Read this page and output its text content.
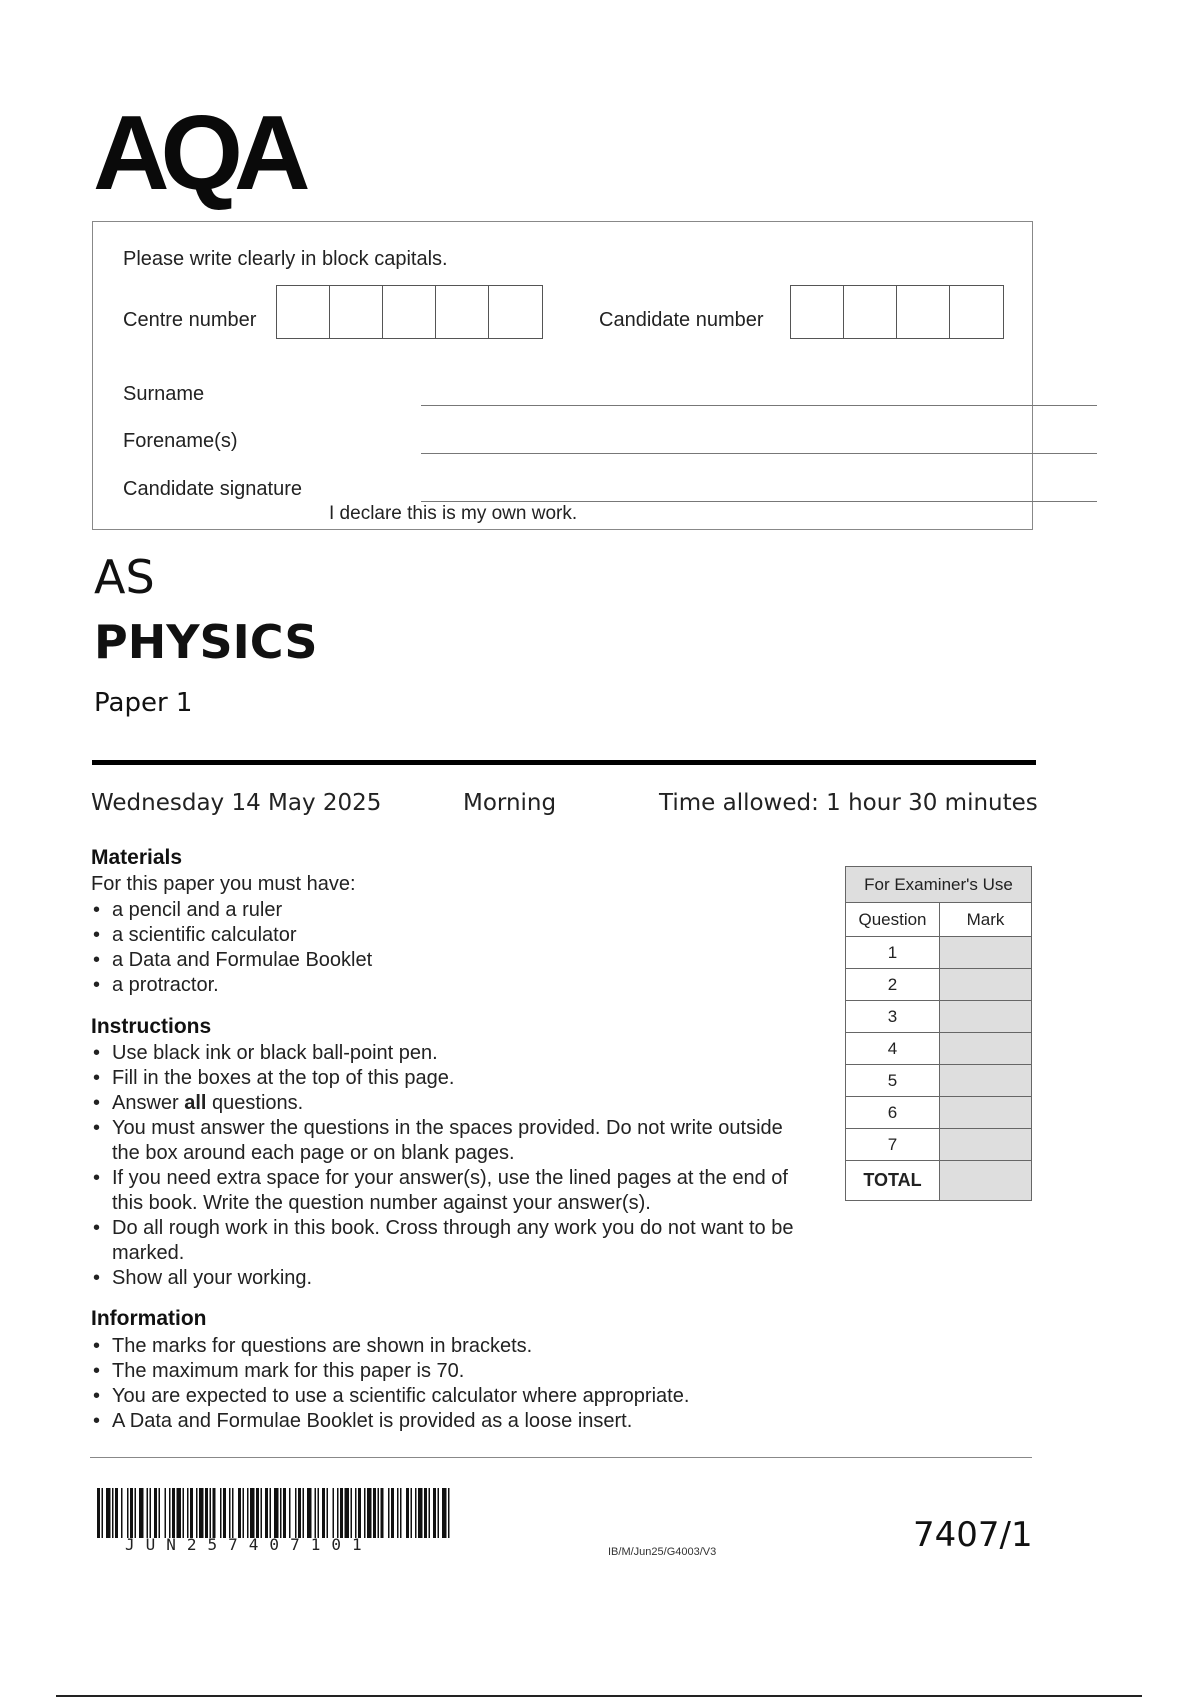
AQA
Please write clearly in block capitals.
Centre number	Candidate number
Surname
Forename(s)
Candidate signature
I declare this is my own work.
AS
PHYSICS
Paper 1
Wednesday 14 May 2025	Morning	Time allowed: 1 hour 30 minutes
Materials
For this paper you must have:
• a pencil and a ruler
• a scientific calculator
• a Data and Formulae Booklet
• a protractor.
Instructions
• Use black ink or black ball-point pen.
• Fill in the boxes at the top of this page.
• Answer all questions.
• You must answer the questions in the spaces provided. Do not write outside the box around each page or on blank pages.
• If you need extra space for your answer(s), use the lined pages at the end of this book. Write the question number against your answer(s).
• Do all rough work in this book. Cross through any work you do not want to be marked.
• Show all your working.
Information
• The marks for questions are shown in brackets.
• The maximum mark for this paper is 70.
• You are expected to use a scientific calculator where appropriate.
• A Data and Formulae Booklet is provided as a loose insert.
For Examiner's Use	
Question	Mark
1	
2	
3	
4	
5	
6	
7	
TOTAL	
JUN257407101	IB/M/Jun25/G4003/V3	7407/1
